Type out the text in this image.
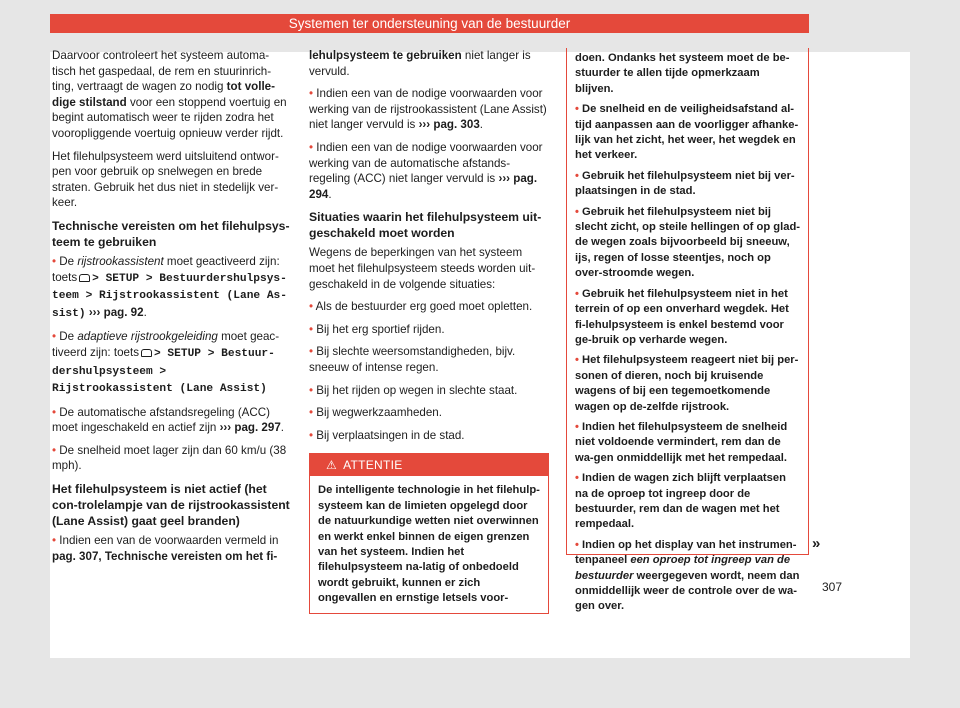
Systemen ter ondersteuning van de bestuurder

Daarvoor controleert het systeem automa-tisch het gaspedaal, de rem en stuurinrich-ting, vertraagt de wagen zo nodig tot volle-dige stilstand voor een stoppend voertuig en begint automatisch weer te rijden zodra het vooropliggende voertuig opnieuw verder rijdt.

Het filehulpsysteem werd uitsluitend ontwor-pen voor gebruik op snelwegen en brede straten. Gebruik het dus niet in stedelijk ver-keer.

Technische vereisten om het filehulpsys-teem te gebruiken

• De rijstrookassistent moet geactiveerd zijn: toets > SETUP > Bestuurdershulpsys-teem > Rijstrookassistent (Lane As-sist) ››› pag. 92.

• De adaptieve rijstrookgeleiding moet geac-tiveerd zijn: toets > SETUP > Bestuur-dershulpsysteem > Rijstrookassistent (Lane Assist)

• De automatische afstandsregeling (ACC) moet ingeschakeld en actief zijn ››› pag. 297.

• De snelheid moet lager zijn dan 60 km/u (38 mph).

Het filehulpsysteem is niet actief (het con-trolelampje van de rijstrookassistent (Lane Assist) gaat geel branden)

• Indien een van de voorwaarden vermeld in pag. 307, Technische vereisten om het fi-

lehulpsysteem te gebruiken niet langer is vervuld.

• Indien een van de nodige voorwaarden voor werking van de rijstrookassistent (Lane Assist) niet langer vervuld is ››› pag. 303.

• Indien een van de nodige voorwaarden voor werking van de automatische afstands-regeling (ACC) niet langer vervuld is ››› pag. 294.

Situaties waarin het filehulpsysteem uit-geschakeld moet worden

Wegens de beperkingen van het systeem moet het filehulpsysteem steeds worden uit-geschakeld in de volgende situaties:

• Als de bestuurder erg goed moet opletten.

• Bij het erg sportief rijden.

• Bij slechte weersomstandigheden, bijv. sneeuw of intense regen.

• Bij het rijden op wegen in slechte staat.

• Bij wegwerkzaamheden.

• Bij verplaatsingen in de stad.

⚠ ATTENTIE
De intelligente technologie in het filehulp-systeem kan de limieten opgelegd door de natuurkundige wetten niet overwinnen en werkt enkel binnen de eigen grenzen van het systeem. Indien het filehulpsysteem na-latig of onbedoeld wordt gebruikt, kunnen er zich ongevallen en ernstige letsels voor-

doen. Ondanks het systeem moet de be-stuurder te allen tijde opmerkzaam blijven.

• De snelheid en de veiligheidsafstand al-tijd aanpassen aan de voorligger afhanke-lijk van het zicht, het weer, het wegdek en het verkeer.

• Gebruik het filehulpsysteem niet bij ver-plaatsingen in de stad.

• Gebruik het filehulpsysteem niet bij slecht zicht, op steile hellingen of op glad-de wegen zoals bijvoorbeeld bij sneeuw, ijs, regen of losse steentjes, noch op over-stroomde wegen.

• Gebruik het filehulpsysteem niet in het terrein of op een onverhard wegdek. Het fi-lehulpsysteem is enkel bestemd voor ge-bruik op verharde wegen.

• Het filehulpsysteem reageert niet bij per-sonen of dieren, noch bij kruisende wagens of bij een tegemoetkomende wagen op de-zelfde rijstrook.

• Indien het filehulpsysteem de snelheid niet voldoende vermindert, rem dan de wa-gen onmiddellijk met het rempedaal.

• Indien de wagen zich blijft verplaatsen na de oproep tot ingreep door de bestuurder, rem dan de wagen met het rempedaal.

• Indien op het display van het instrumen-tenpaneel een oproep tot ingreep van de bestuurder weergegeven wordt, neem dan onmiddellijk weer de controle over de wa-gen over.

»
307
